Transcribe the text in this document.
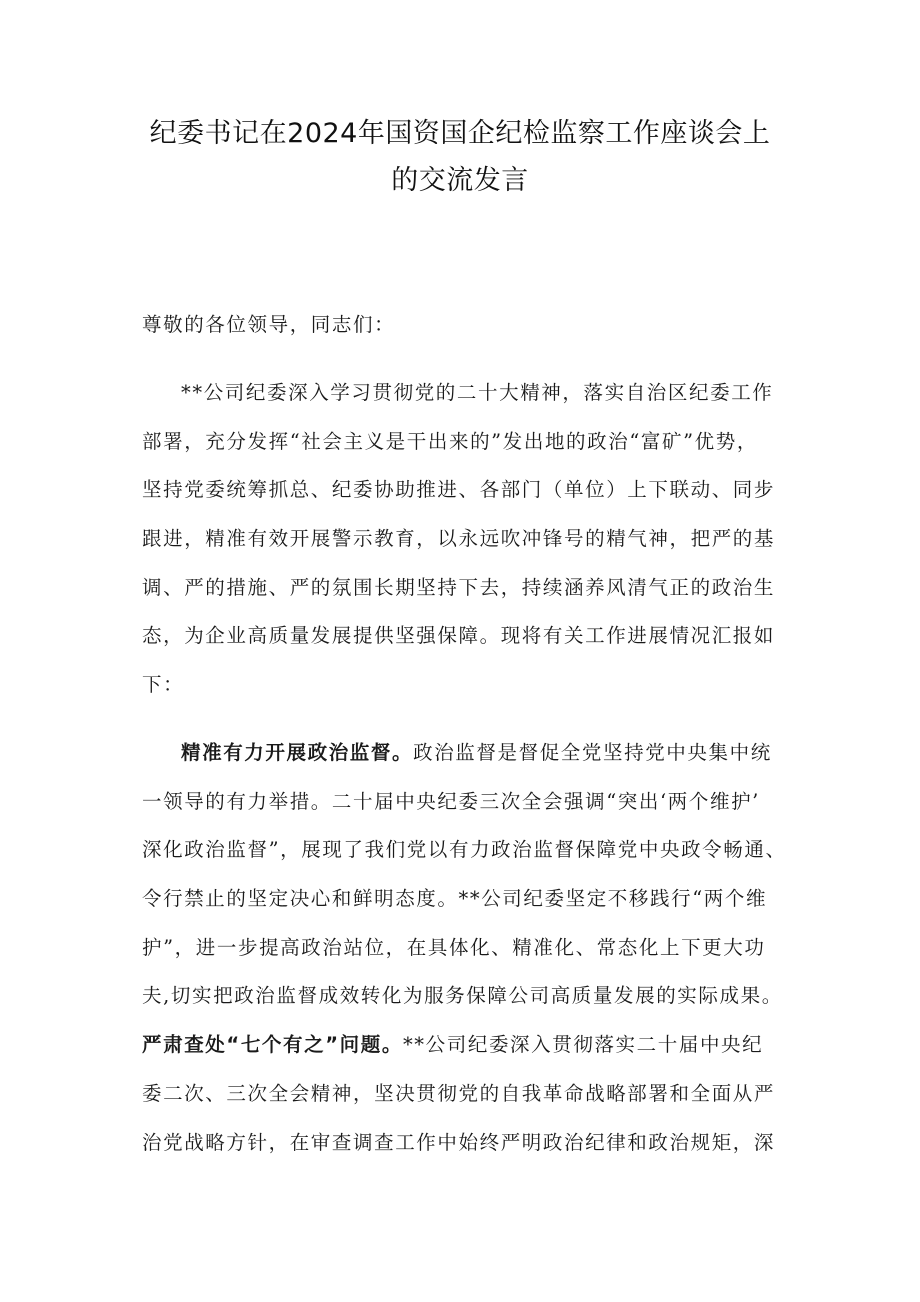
纪委书记在2024年国资国企纪检监察工作座谈会上
的交流发言
尊敬的各位领导，同志们：
**公司纪委深入学习贯彻党的二十大精神，落实自治区纪委工作
部署，充分发挥“社会主义是干出来的”发出地的政治“富矿”优势，
坚持党委统筹抓总、纪委协助推进、各部门（单位）上下联动、同步
跟进，精准有效开展警示教育，以永远吹冲锋号的精气神，把严的基
调、严的措施、严的氛围长期坚持下去，持续涵养风清气正的政治生
态，为企业高质量发展提供坚强保障。现将有关工作进展情况汇报如
下：
精准有力开展政治监督。政治监督是督促全党坚持党中央集中统
一领导的有力举措。二十届中央纪委三次全会强调“突出‘两个维护’
深化政治监督”，展现了我们党以有力政治监督保障党中央政令畅通、
令行禁止的坚定决心和鲜明态度。**公司纪委坚定不移践行“两个维
护”，进一步提高政治站位，在具体化、精准化、常态化上下更大功
夫,切实把政治监督成效转化为服务保障公司高质量发展的实际成果。
严肃查处“七个有之”问题。**公司纪委深入贯彻落实二十届中央纪
委二次、三次全会精神，坚决贯彻党的自我革命战略部署和全面从严
治党战略方针，在审查调查工作中始终严明政治纪律和政治规矩，深
